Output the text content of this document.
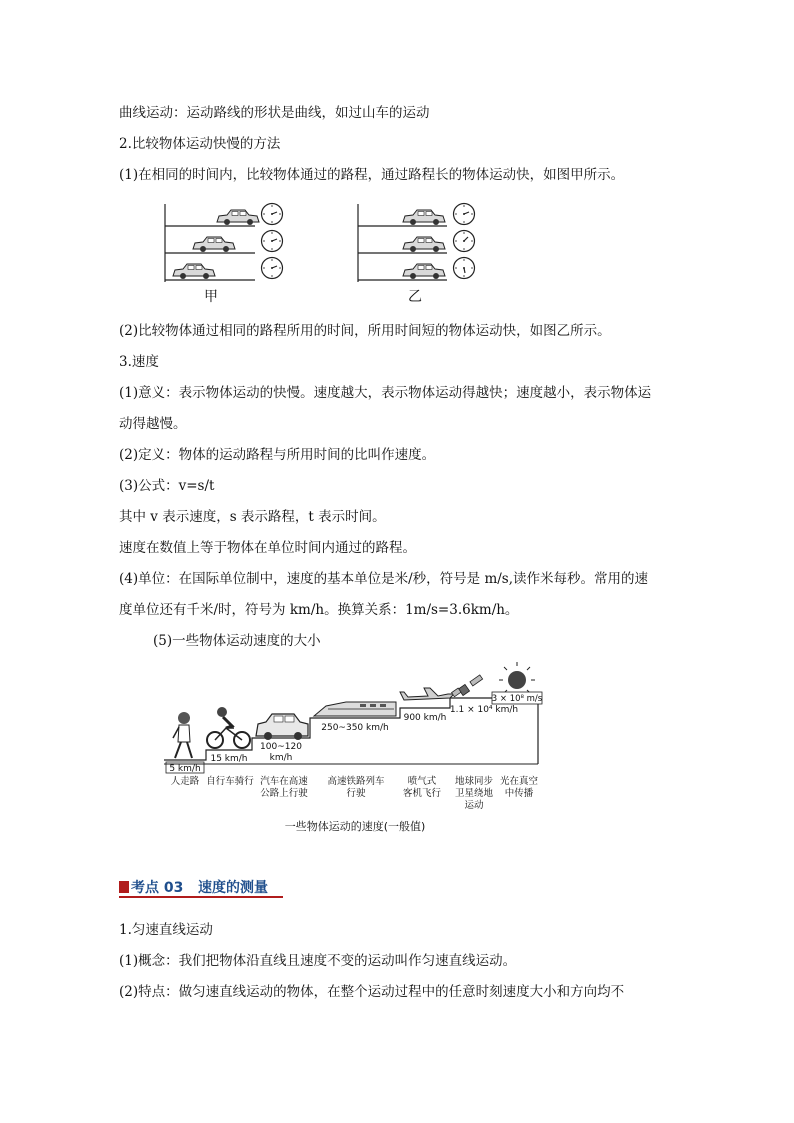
曲线运动：运动路线的形状是曲线，如过山车的运动
2.比较物体运动快慢的方法
(1)在相同的时间内，比较物体通过的路程，通过路程长的物体运动快，如图甲所示。
甲	乙
(2)比较物体通过相同的路程所用的时间，所用时间短的物体运动快，如图乙所示。
3.速度
(1)意义：表示物体运动的快慢。速度越大，表示物体运动得越快；速度越小，表示物体运
动得越慢。
(2)定义：物体的运动路程与所用时间的比叫作速度。
(3)公式：v=s/t
其中 v 表示速度，s 表示路程，t 表示时间。
速度在数值上等于物体在单位时间内通过的路程。
(4)单位：在国际单位制中，速度的基本单位是米/秒，符号是 m/s,读作米每秒。常用的速
度单位还有千米/时，符号为 km/h。换算关系：1m/s=3.6km/h。
(5)一些物体运动速度的大小
5 km/h
15 km/h
100~120
km/h
250~350 km/h
900 km/h
1.1 × 10⁴ km/h
3 × 10⁸ m/s
人走路 自行车骑行 汽车在高速
公路上行驶
高速铁路列车
行驶
喷气式
客机飞行
地球同步
卫星绕地
运动
光在真空
中传播
一些物体运动的速度(一般值)
考点 03 速度的测量
1.匀速直线运动
(1)概念：我们把物体沿直线且速度不变的运动叫作匀速直线运动。
(2)特点：做匀速直线运动的物体，在整个运动过程中的任意时刻速度大小和方向均不
